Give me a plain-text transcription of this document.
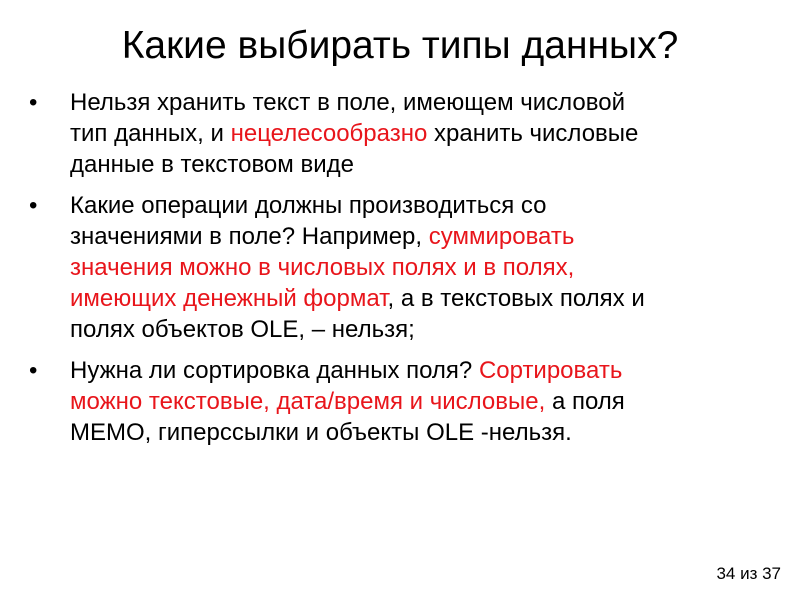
Какие выбирать типы данных?
• Нельзя хранить текст в поле, имеющем числовой
тип данных, и нецелесообразно хранить числовые
данные в текстовом виде
• Какие операции должны производиться со
значениями в поле? Например, суммировать
значения можно в числовых полях и в полях,
имеющих денежный формат, а в текстовых полях и
полях объектов OLE, – нельзя;
• Нужна ли сортировка данных поля? Сортировать
можно текстовые, дата/время и числовые, а поля
MEMO, гиперссылки и объекты OLE -нельзя.
34 из 37
